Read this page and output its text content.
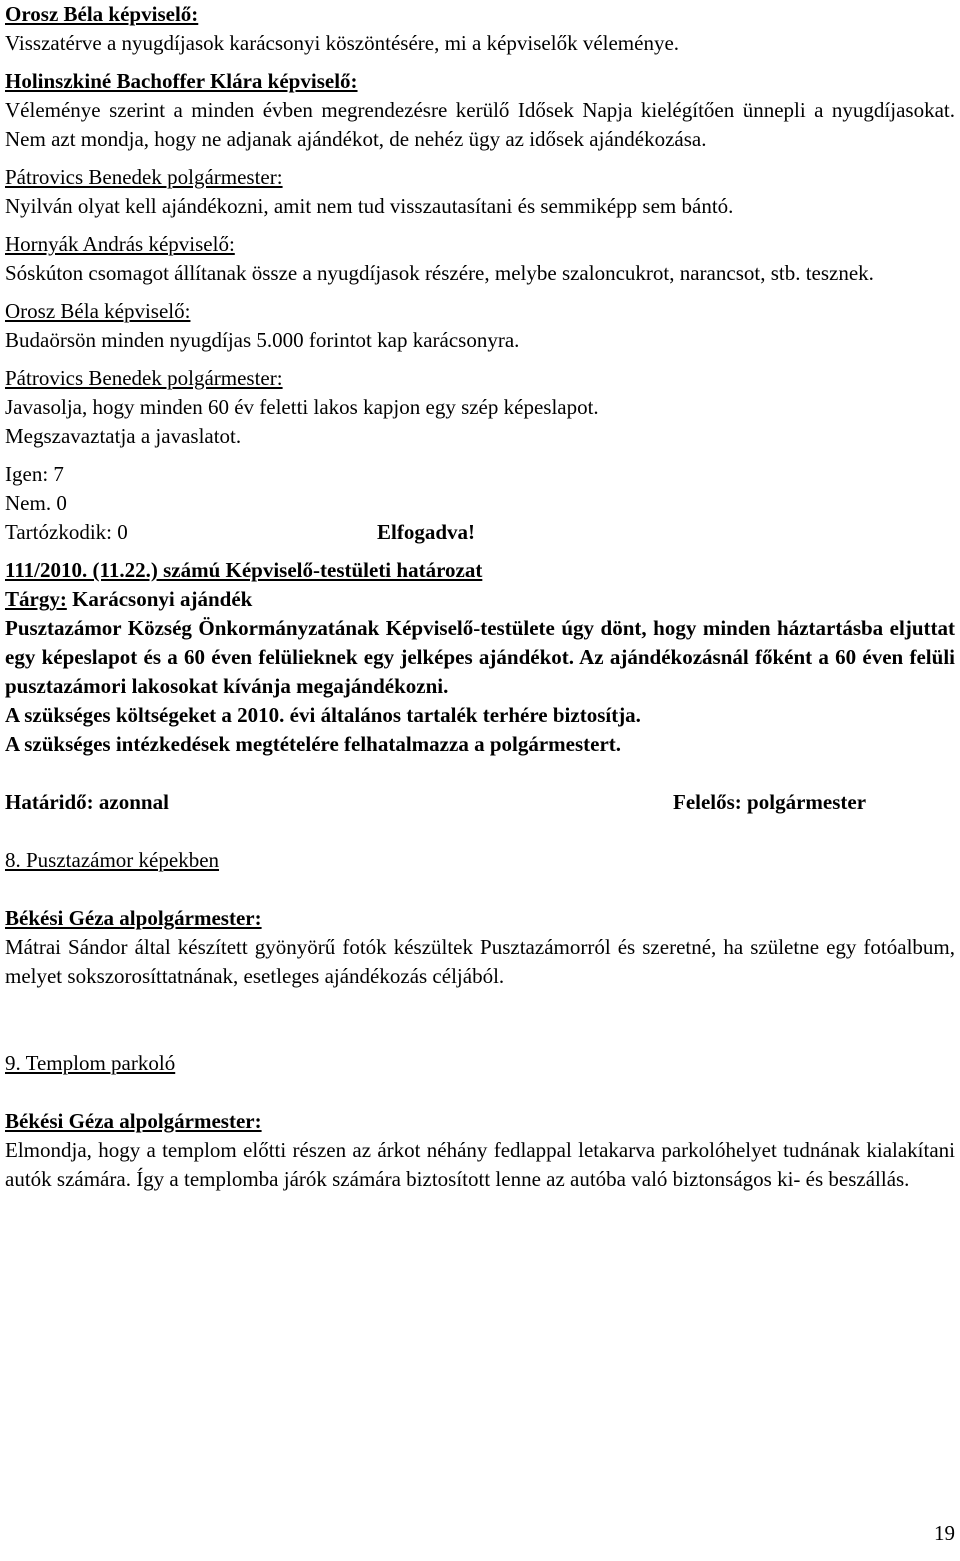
Orosz Béla képviselő:

Visszatérve a nyugdíjasok karácsonyi köszöntésére, mi a képviselők véleménye.

Holinszkiné Bachoffer Klára képviselő:

Véleménye szerint a minden évben megrendezésre kerülő Idősek Napja kielégítően ünnepli a nyugdíjasokat. Nem azt mondja, hogy ne adjanak ajándékot, de nehéz ügy az idősek ajándékozása.

Pátrovics Benedek polgármester:

Nyilván olyat kell ajándékozni, amit nem tud visszautasítani és semmiképp sem bántó.

Hornyák András képviselő:

Sóskúton csomagot állítanak össze a nyugdíjasok részére, melybe szaloncukrot, narancsot, stb. tesznek.

Orosz Béla képviselő:

Budaörsön minden nyugdíjas 5.000 forintot kap karácsonyra.

Pátrovics Benedek polgármester:

Javasolja, hogy minden 60 év feletti lakos kapjon egy szép képeslapot.

Megszavaztatja a javaslatot.

Igen: 7

Nem. 0

Tartózkodik: 0	Elfogadva!

111/2010. (11.22.) számú Képviselő-testületi határozat

Tárgy: Karácsonyi ajándék

Pusztazámor Község Önkormányzatának Képviselő-testülete úgy dönt, hogy minden háztartásba eljuttat egy képeslapot és a 60 éven felülieknek egy jelképes ajándékot. Az ajándékozásnál főként a 60 éven felüli pusztazámori lakosokat kívánja megajándékozni.

A szükséges költségeket a 2010. évi általános tartalék terhére biztosítja.

A szükséges intézkedések megtételére felhatalmazza a polgármestert.

Határidő: azonnal	Felelős: polgármester

8. Pusztazámor képekben

Békési Géza alpolgármester:

Mátrai Sándor által készített gyönyörű fotók készültek Pusztazámorról és szeretné, ha születne egy fotóalbum, melyet sokszorosíttatnának, esetleges ajándékozás céljából.

9. Templom parkoló

Békési Géza alpolgármester:

Elmondja, hogy a templom előtti részen az árkot néhány fedlappal letakarva parkolóhelyet tudnának kialakítani autók számára. Így a templomba járók számára biztosított lenne az autóba való biztonságos ki- és beszállás.

19
